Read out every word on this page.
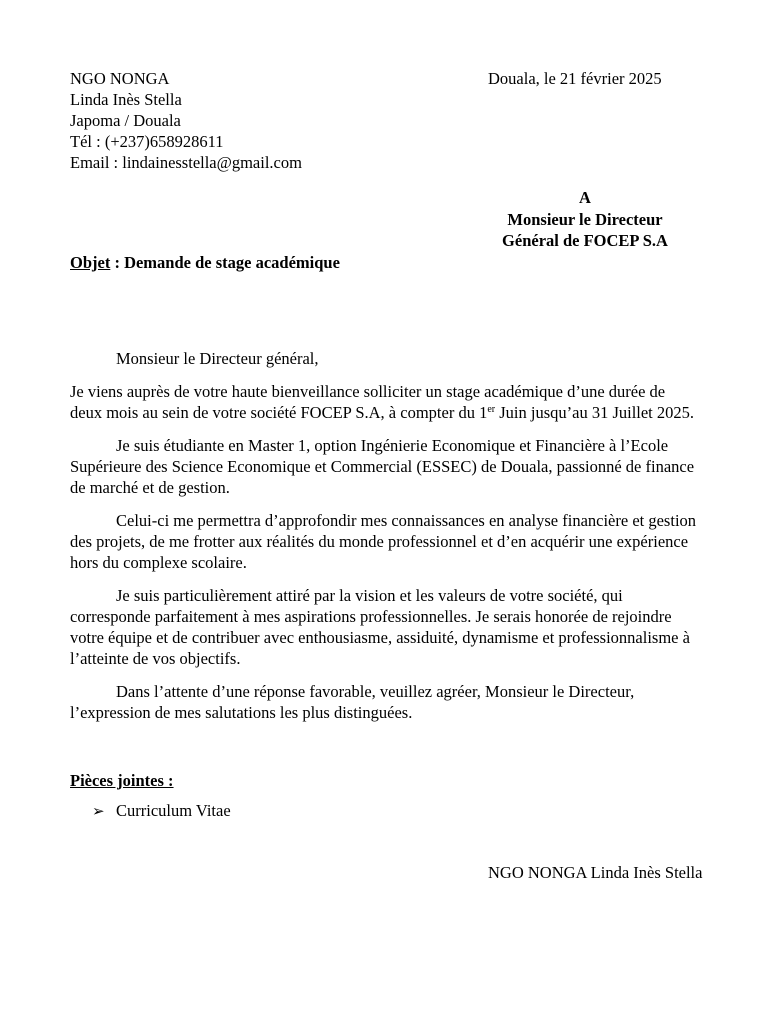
NGO NONGA
Linda Inès Stella
Japoma / Douala
Tél : (+237)658928611
Email : lindainesstella@gmail.com
Douala, le 21 février 2025
A
Monsieur le Directeur
Général de FOCEP S.A
Objet : Demande de stage académique

Monsieur le Directeur général,

Je viens auprès de votre haute bienveillance solliciter un stage académique d’une durée de deux mois au sein de votre société FOCEP S.A, à compter du 1er Juin jusqu’au 31 Juillet 2025.

Je suis étudiante en Master 1, option Ingénierie Economique et Financière à l’Ecole Supérieure des Science Economique et Commercial (ESSEC) de Douala, passionné de finance de marché et de gestion.

Celui-ci me permettra d’approfondir mes connaissances en analyse financière et gestion des projets, de me frotter aux réalités du monde professionnel et d’en acquérir une expérience hors du complexe scolaire.

Je suis particulièrement attiré par la vision et les valeurs de votre société, qui corresponde parfaitement à mes aspirations professionnelles. Je serais honorée de rejoindre votre équipe et de contribuer avec enthousiasme, assiduité, dynamisme et professionnalisme à l’atteinte de vos objectifs.

Dans l’attente d’une réponse favorable, veuillez agréer, Monsieur le Directeur, l’expression de mes salutations les plus distinguées.

Pièces jointes :
➢ Curriculum Vitae
NGO NONGA Linda Inès Stella
